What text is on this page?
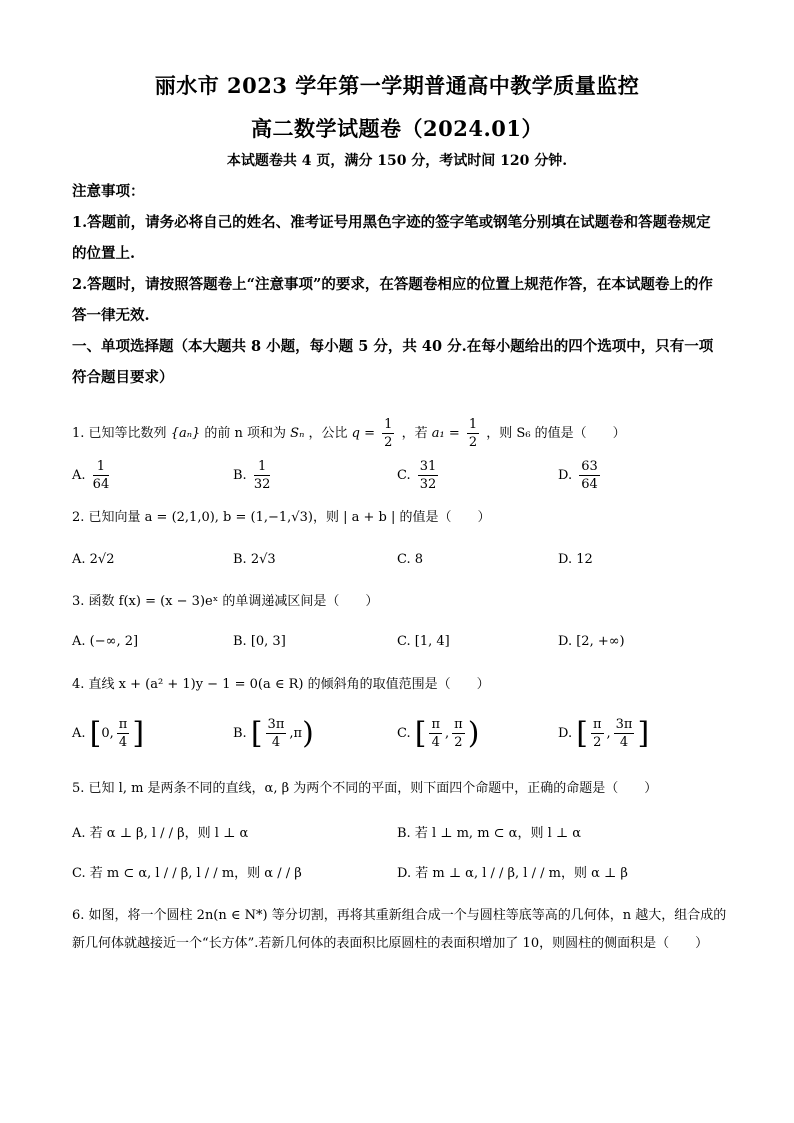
丽水市 2023 学年第一学期普通高中教学质量监控
高二数学试题卷（2024.01）
本试题卷共 4 页，满分 150 分，考试时间 120 分钟.
注意事项：
1.答题前，请务必将自己的姓名、准考证号用黑色字迹的签字笔或钢笔分别填在试题卷和答题卷规定的位置上.
2.答题时，请按照答题卷上“注意事项”的要求，在答题卷相应的位置上规范作答，在本试题卷上的作答一律无效.
一、单项选择题（本大题共 8 小题，每小题 5 分，共 40 分.在每小题给出的四个选项中，只有一项符合题目要求）
1. 已知等比数列 {aₙ} 的前 n 项和为 Sₙ ，公比 $q = \frac{1}{2}$ ，若 $a_1 = \frac{1}{2}$ ，则 S₆ 的值是（　　）
A. $\frac{1}{64}$	B. $\frac{1}{32}$	C. $\frac{31}{32}$	D. $\frac{63}{64}$
2. 已知向量 a = (2,1,0), b = (1,−1,√3)，则 | a + b | 的值是（　　）
A. 2√2	B. 2√3	C. 8	D. 12
3. 函数 f(x) = (x − 3)eˣ 的单调递减区间是（　　）
A. (−∞, 2]	B. [0, 3]	C. [1, 4]	D. [2, +∞)
4. 直线 x + (a² + 1)y − 1 = 0(a ∈ R) 的倾斜角的取值范围是（　　）
A. [0, $\frac{\pi}{4}$ ]	B. [ $\frac{3\pi}{4} ,\pi$)	C. [ $\frac{\pi}{4}$ , $\frac{\pi}{2}$ )	D. [ $\frac{\pi}{2}$ , $\frac{3\pi}{4}$ ]
5. 已知 l, m 是两条不同的直线，α, β 为两个不同的平面，则下面四个命题中，正确的命题是（　　）
A. 若 α ⊥ β, l / / β，则 l ⊥ α	B. 若 l ⊥ m, m ⊂ α，则 l ⊥ α
C. 若 m ⊂ α, l / / β, l / / m，则 α / / β	D. 若 m ⊥ α, l / / β, l / / m，则 α ⊥ β
6. 如图，将一个圆柱 2n(n ∈ N*) 等分切割，再将其重新组合成一个与圆柱等底等高的几何体，n 越大，组合成的新几何体就越接近一个“长方体”.若新几何体的表面积比原圆柱的表面积增加了 10，则圆柱的侧面积是（　　）
